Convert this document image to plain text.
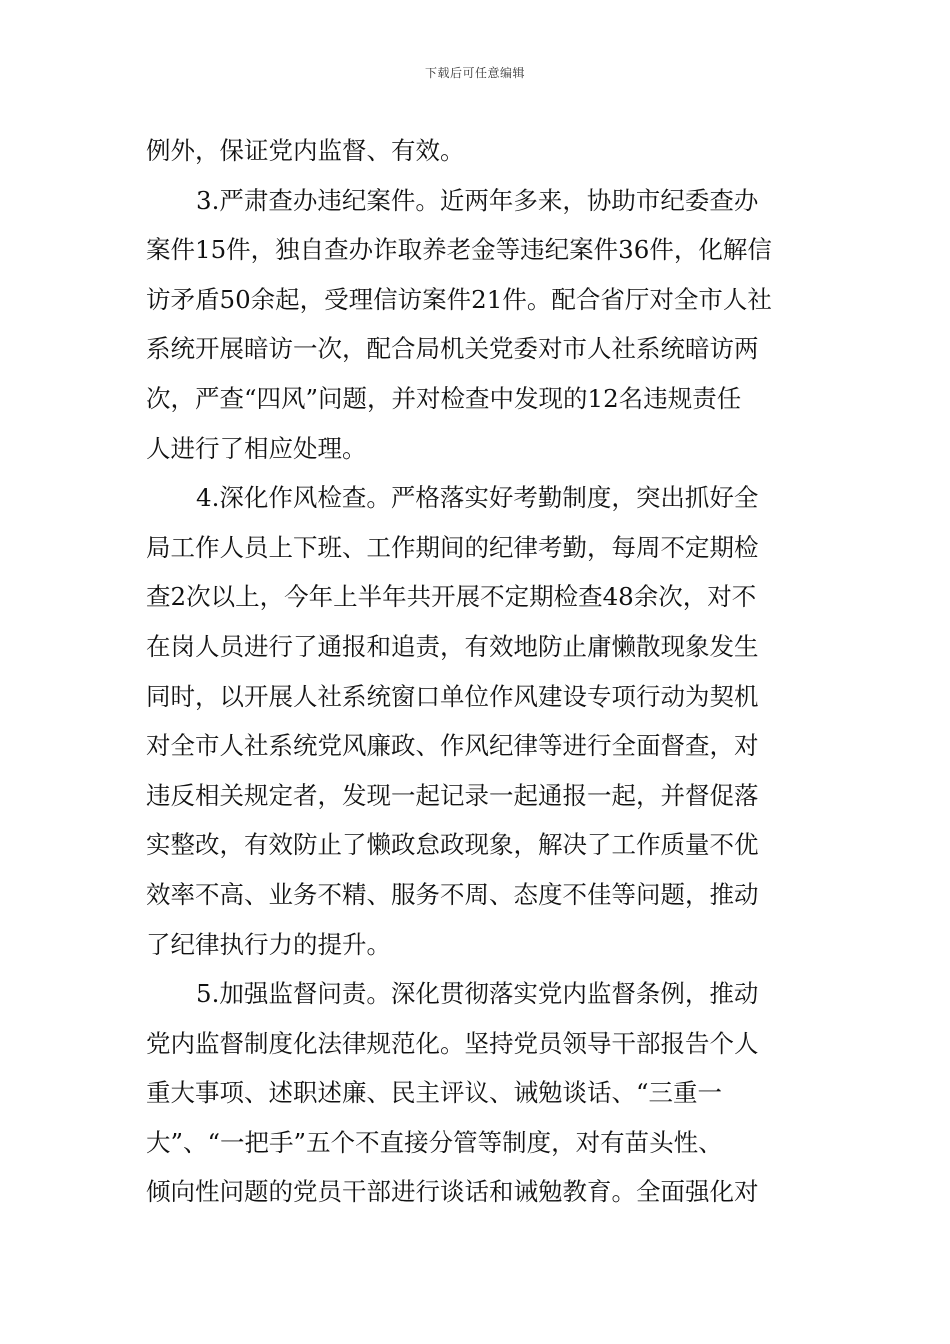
下载后可任意编辑
例外，保证党内监督、有效。
3.严肃查办违纪案件。近两年多来，协助市纪委查办
案件15件，独自查办诈取养老金等违纪案件36件，化解信
访矛盾50余起，受理信访案件21件。配合省厅对全市人社
系统开展暗访一次，配合局机关党委对市人社系统暗访两
次，严查“四风”问题，并对检查中发现的12名违规责任
人进行了相应处理。
4.深化作风检查。严格落实好考勤制度，突出抓好全
局工作人员上下班、工作期间的纪律考勤，每周不定期检
查2次以上，今年上半年共开展不定期检查48余次，对不
在岗人员进行了通报和追责，有效地防止庸懒散现象发生
同时，以开展人社系统窗口单位作风建设专项行动为契机
对全市人社系统党风廉政、作风纪律等进行全面督查，对
违反相关规定者，发现一起记录一起通报一起，并督促落
实整改，有效防止了懒政怠政现象，解决了工作质量不优
效率不高、业务不精、服务不周、态度不佳等问题，推动
了纪律执行力的提升。
5.加强监督问责。深化贯彻落实党内监督条例，推动
党内监督制度化法律规范化。坚持党员领导干部报告个人
重大事项、述职述廉、民主评议、诫勉谈话、“三重一
大”、“一把手”五个不直接分管等制度，对有苗头性、
倾向性问题的党员干部进行谈话和诫勉教育。全面强化对
